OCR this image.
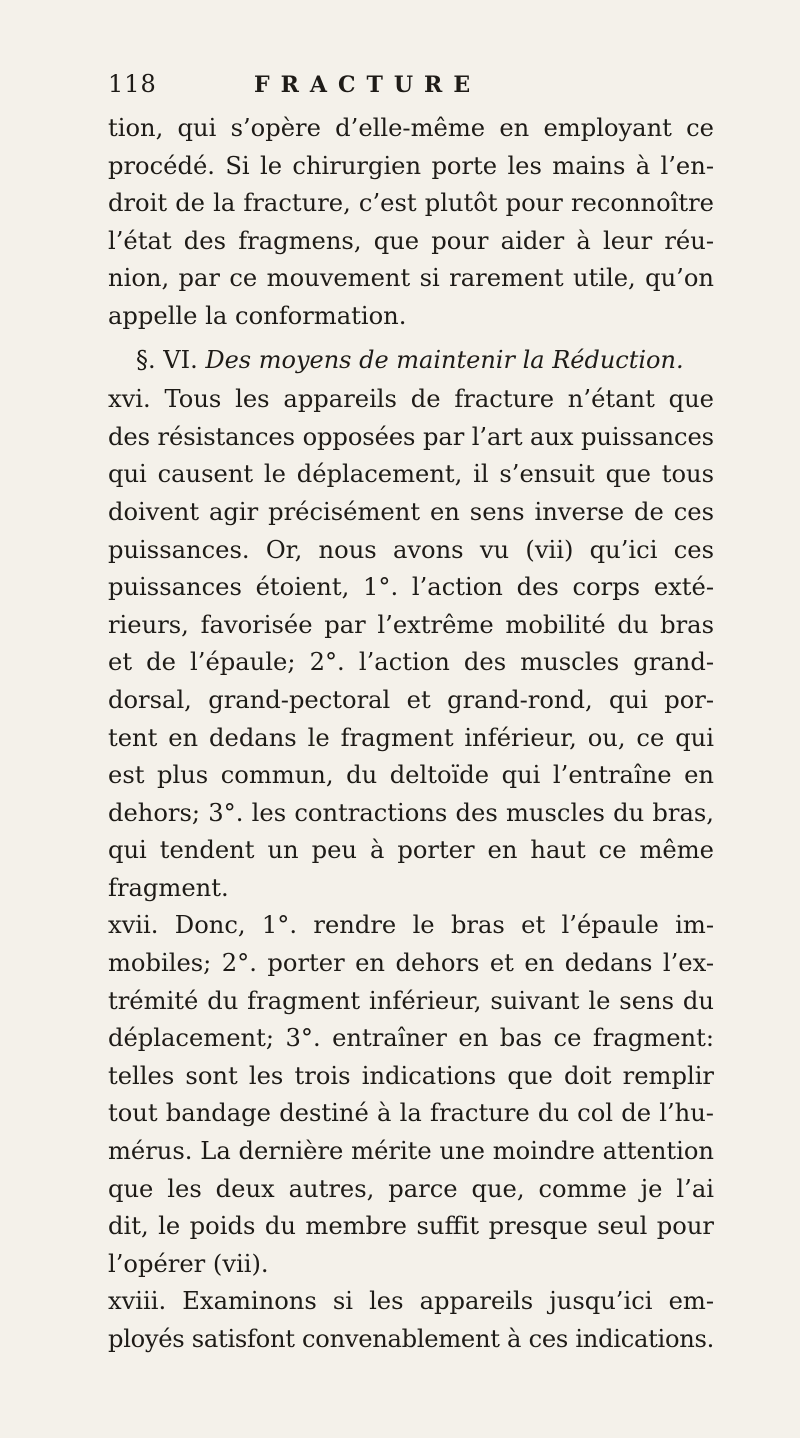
118	FRACTURE
tion, qui s’opère d’elle-même en employant ce
procédé. Si le chirurgien porte les mains à l’en-
droit de la fracture, c’est plutôt pour reconnoître
l’état des fragmens, que pour aider à leur réu-
nion, par ce mouvement si rarement utile, qu’on
appelle la conformation.
§. VI. Des moyens de maintenir la Réduction.
xvi. Tous les appareils de fracture n’étant que
des résistances opposées par l’art aux puissances
qui causent le déplacement, il s’ensuit que tous
doivent agir précisément en sens inverse de ces
puissances. Or, nous avons vu (vii) qu’ici ces
puissances étoient, 1°. l’action des corps exté-
rieurs, favorisée par l’extrême mobilité du bras
et de l’épaule; 2°. l’action des muscles grand-
dorsal, grand-pectoral et grand-rond, qui por-
tent en dedans le fragment inférieur, ou, ce qui
est plus commun, du deltoïde qui l’entraîne en
dehors; 3°. les contractions des muscles du bras,
qui tendent un peu à porter en haut ce même
fragment.
xvii. Donc, 1°. rendre le bras et l’épaule im-
mobiles; 2°. porter en dehors et en dedans l’ex-
trémité du fragment inférieur, suivant le sens du
déplacement; 3°. entraîner en bas ce fragment:
telles sont les trois indications que doit remplir
tout bandage destiné à la fracture du col de l’hu-
mérus. La dernière mérite une moindre attention
que les deux autres, parce que, comme je l’ai
dit, le poids du membre suffit presque seul pour
l’opérer (vii).
xviii. Examinons si les appareils jusqu’ici em-
ployés satisfont convenablement à ces indications.
